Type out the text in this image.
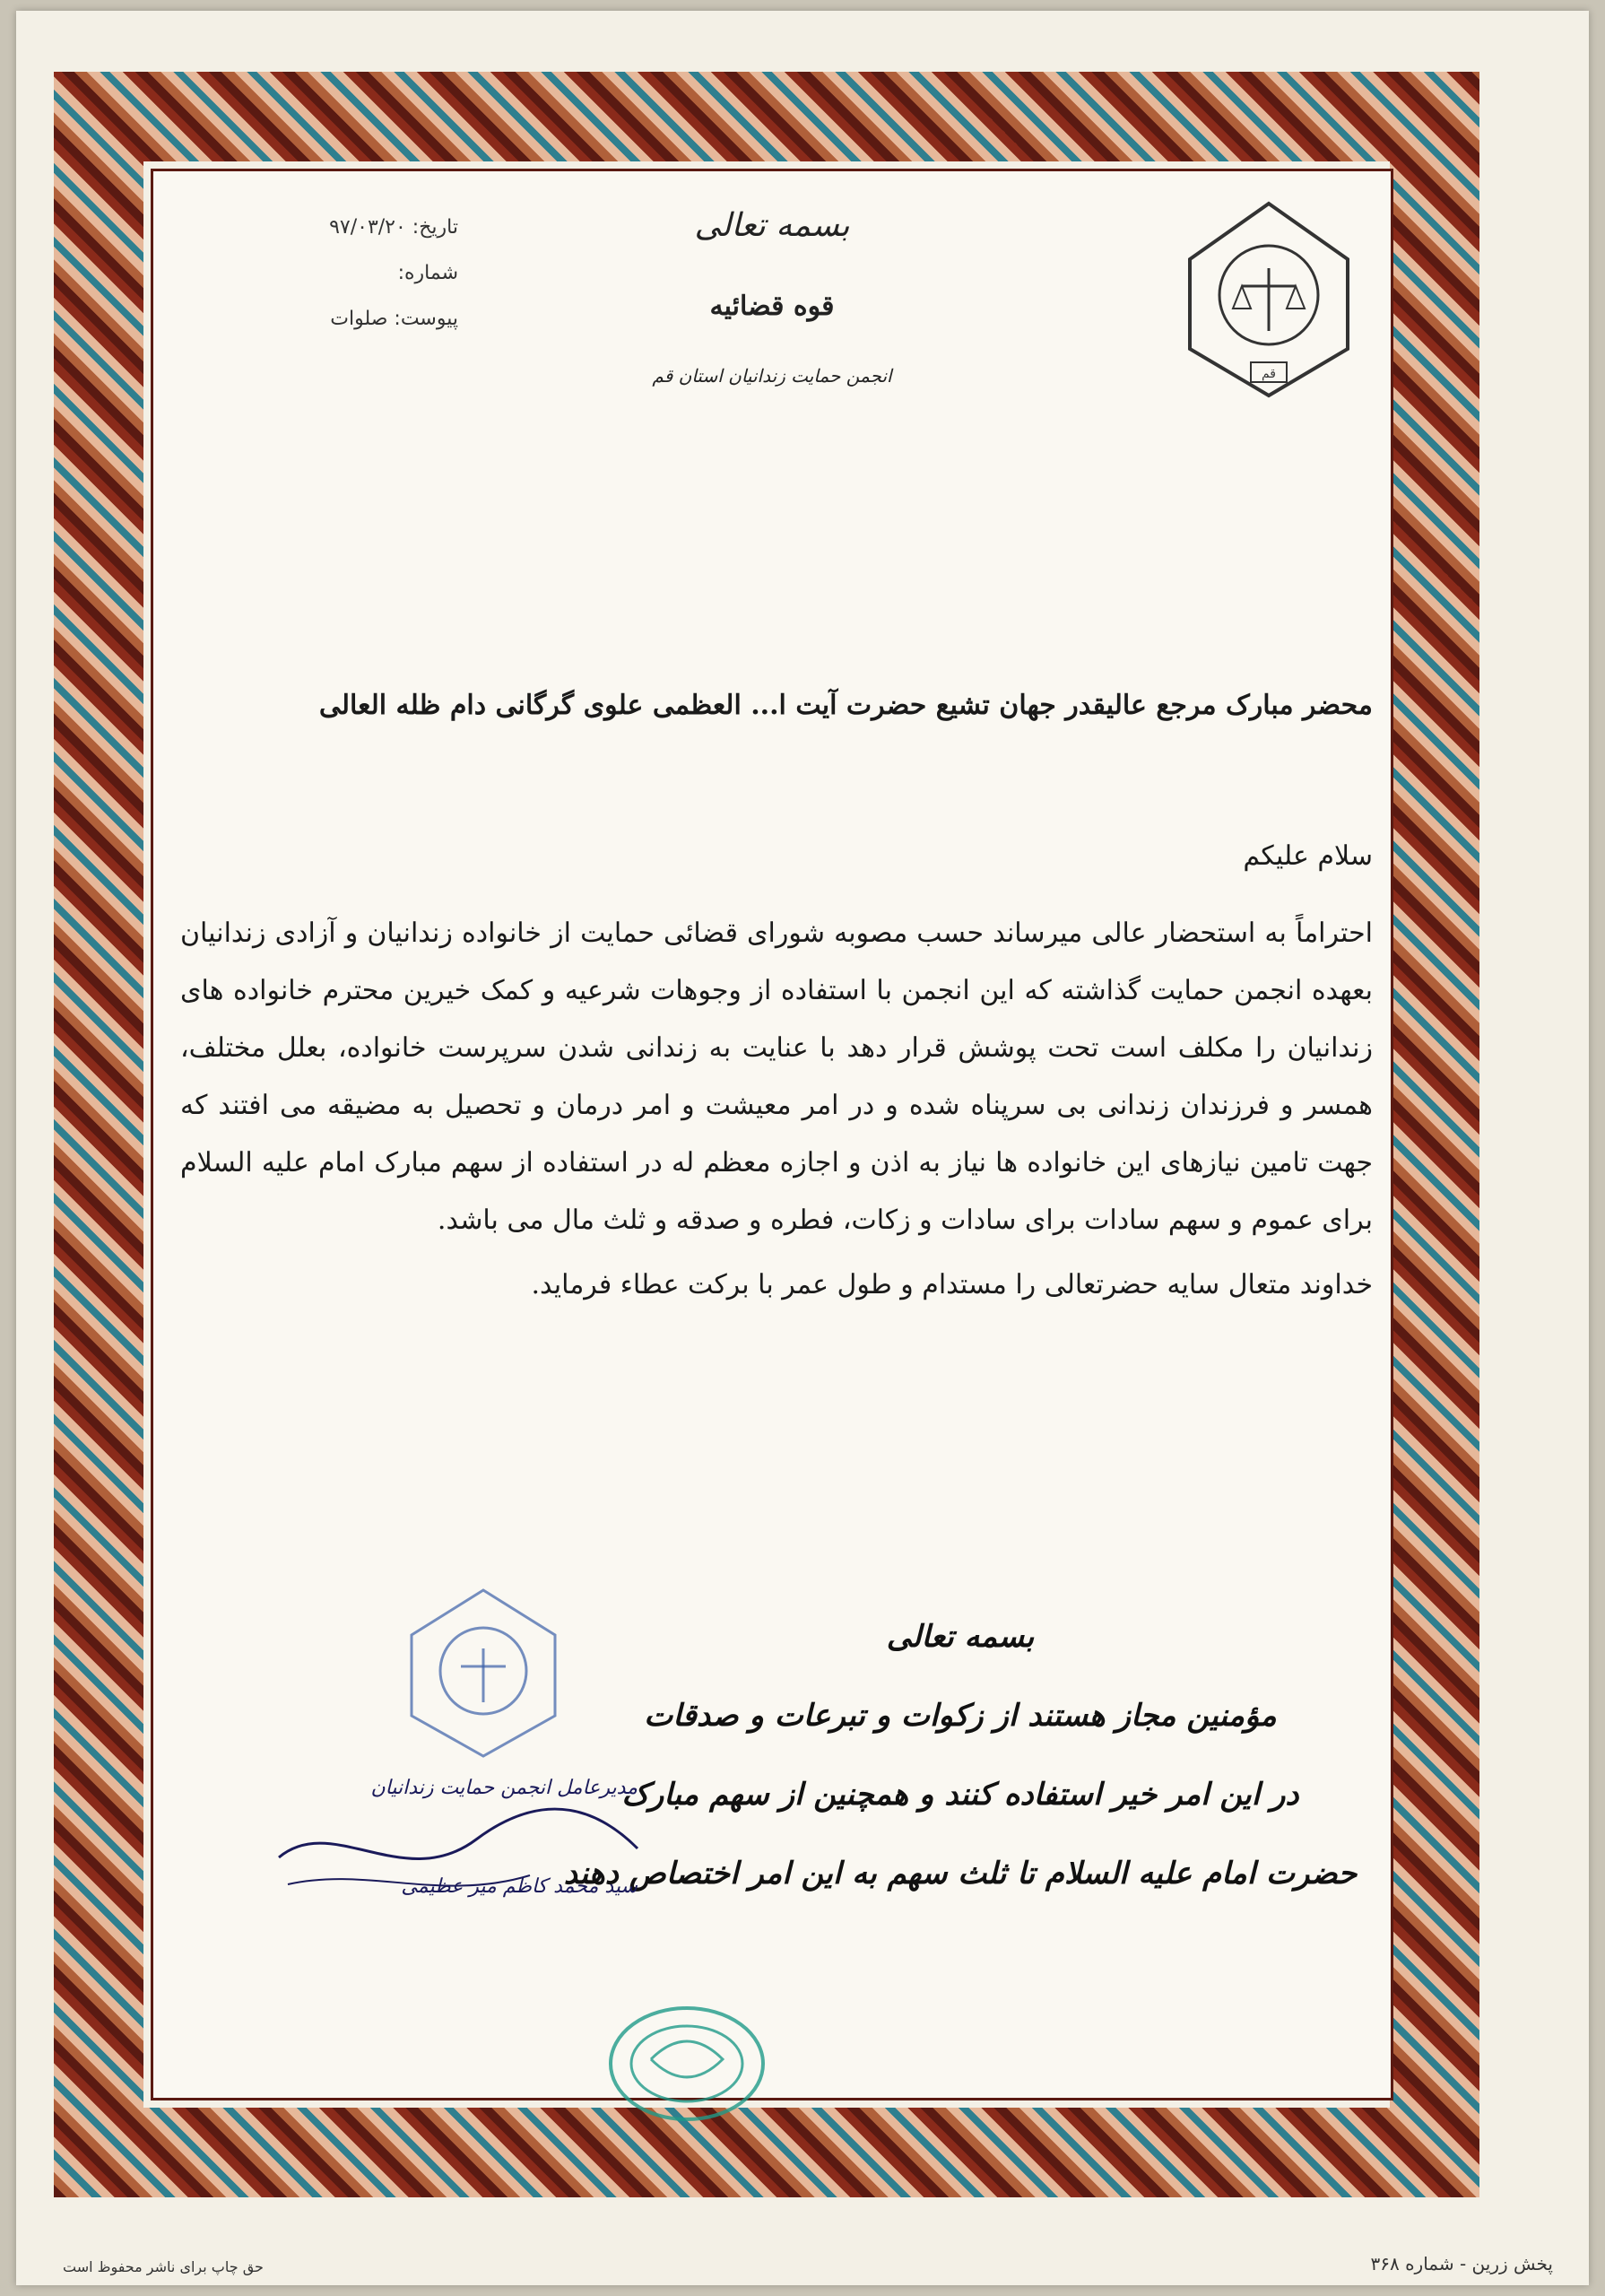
تاریخ: ۹۷/۰۳/۲۰
شماره:
پیوست: صلوات
بسمه تعالی
قوه قضائیه
انجمن حمایت زندانیان استان قم	قم
محضر مبارک مرجع عالیقدر جهان تشیع حضرت آیت ا... العظمی علوی گرگانی دام ظله العالی
سلام علیکم
احتراماً به استحضار عالی میرساند حسب مصوبه شورای قضائی حمایت از خانواده زندانیان و آزادی زندانیان بعهده انجمن حمایت گذاشته که این انجمن با استفاده از وجوهات شرعیه و کمک خیرین محترم خانواده های زندانیان را مکلف است تحت پوشش قرار دهد با عنایت به زندانی شدن سرپرست خانواده، بعلل مختلف، همسر و فرزندان زندانی بی سرپناه شده و در امر معیشت و امر درمان و تحصیل به مضیقه می افتند که جهت تامین نیازهای این خانواده ها نیاز به اذن و اجازه معظم له در استفاده از سهم مبارک امام علیه السلام برای عموم و سهم سادات برای سادات و زکات، فطره و صدقه و ثلث مال می باشد.
خداوند متعال سایه حضرتعالی را مستدام و طول عمر با برکت عطاء فرماید.
بسمه تعالی
مؤمنین مجاز هستند از زکوات و تبرعات و صدقات
در این امر خیر استفاده کنند و همچنین از سهم مبارک
حضرت امام علیه السلام تا ثلث سهم به این امر اختصاص دهند
مدیرعامل انجمن حمایت زندانیان
سید محمد کاظم میر عظیمی
حق چاپ برای ناشر محفوظ است	پخش زرین - شماره ۳۶۸
